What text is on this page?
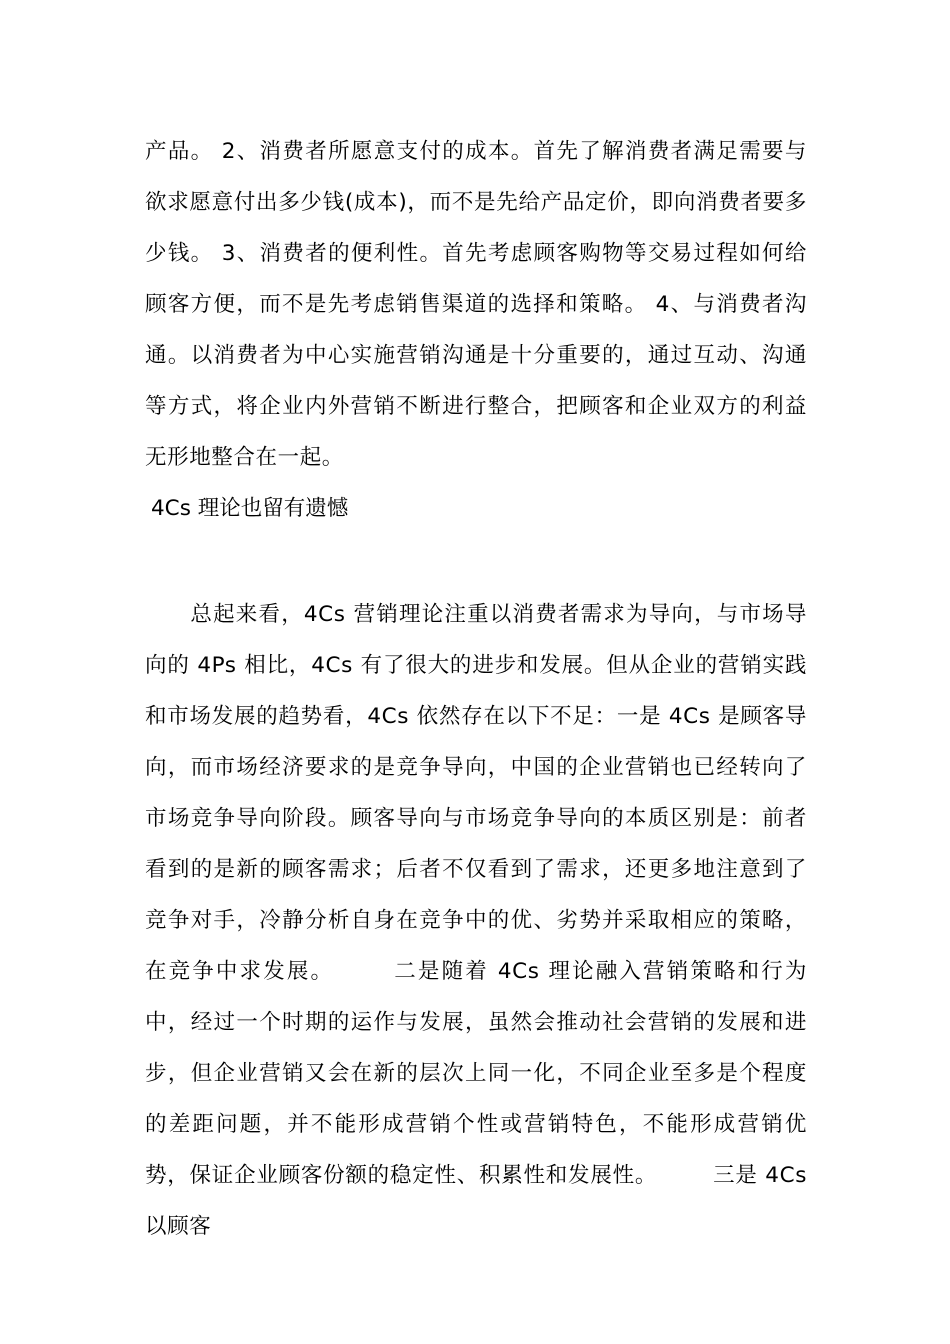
产品。 2、消费者所愿意支付的成本。首先了解消费者满足需要与欲求愿意付出多少钱(成本)，而不是先给产品定价，即向消费者要多少钱。 3、消费者的便利性。首先考虑顾客购物等交易过程如何给顾客方便，而不是先考虑销售渠道的选择和策略。 4、与消费者沟通。以消费者为中心实施营销沟通是十分重要的，通过互动、沟通等方式，将企业内外营销不断进行整合，把顾客和企业双方的利益无形地整合在一起。

4Cs 理论也留有遗憾

　　总起来看，4Cs 营销理论注重以消费者需求为导向，与市场导向的 4Ps 相比，4Cs 有了很大的进步和发展。但从企业的营销实践和市场发展的趋势看，4Cs 依然存在以下不足：一是 4Cs 是顾客导向，而市场经济要求的是竞争导向，中国的企业营销也已经转向了市场竞争导向阶段。顾客导向与市场竞争导向的本质区别是：前者看到的是新的顾客需求；后者不仅看到了需求，还更多地注意到了竞争对手，冷静分析自身在竞争中的优、劣势并采取相应的策略，在竞争中求发展。　　　二是随着 4Cs 理论融入营销策略和行为中，经过一个时期的运作与发展，虽然会推动社会营销的发展和进步，但企业营销又会在新的层次上同一化，不同企业至多是个程度的差距问题，并不能形成营销个性或营销特色，不能形成营销优势，保证企业顾客份额的稳定性、积累性和发展性。　　　三是 4Cs 以顾客
